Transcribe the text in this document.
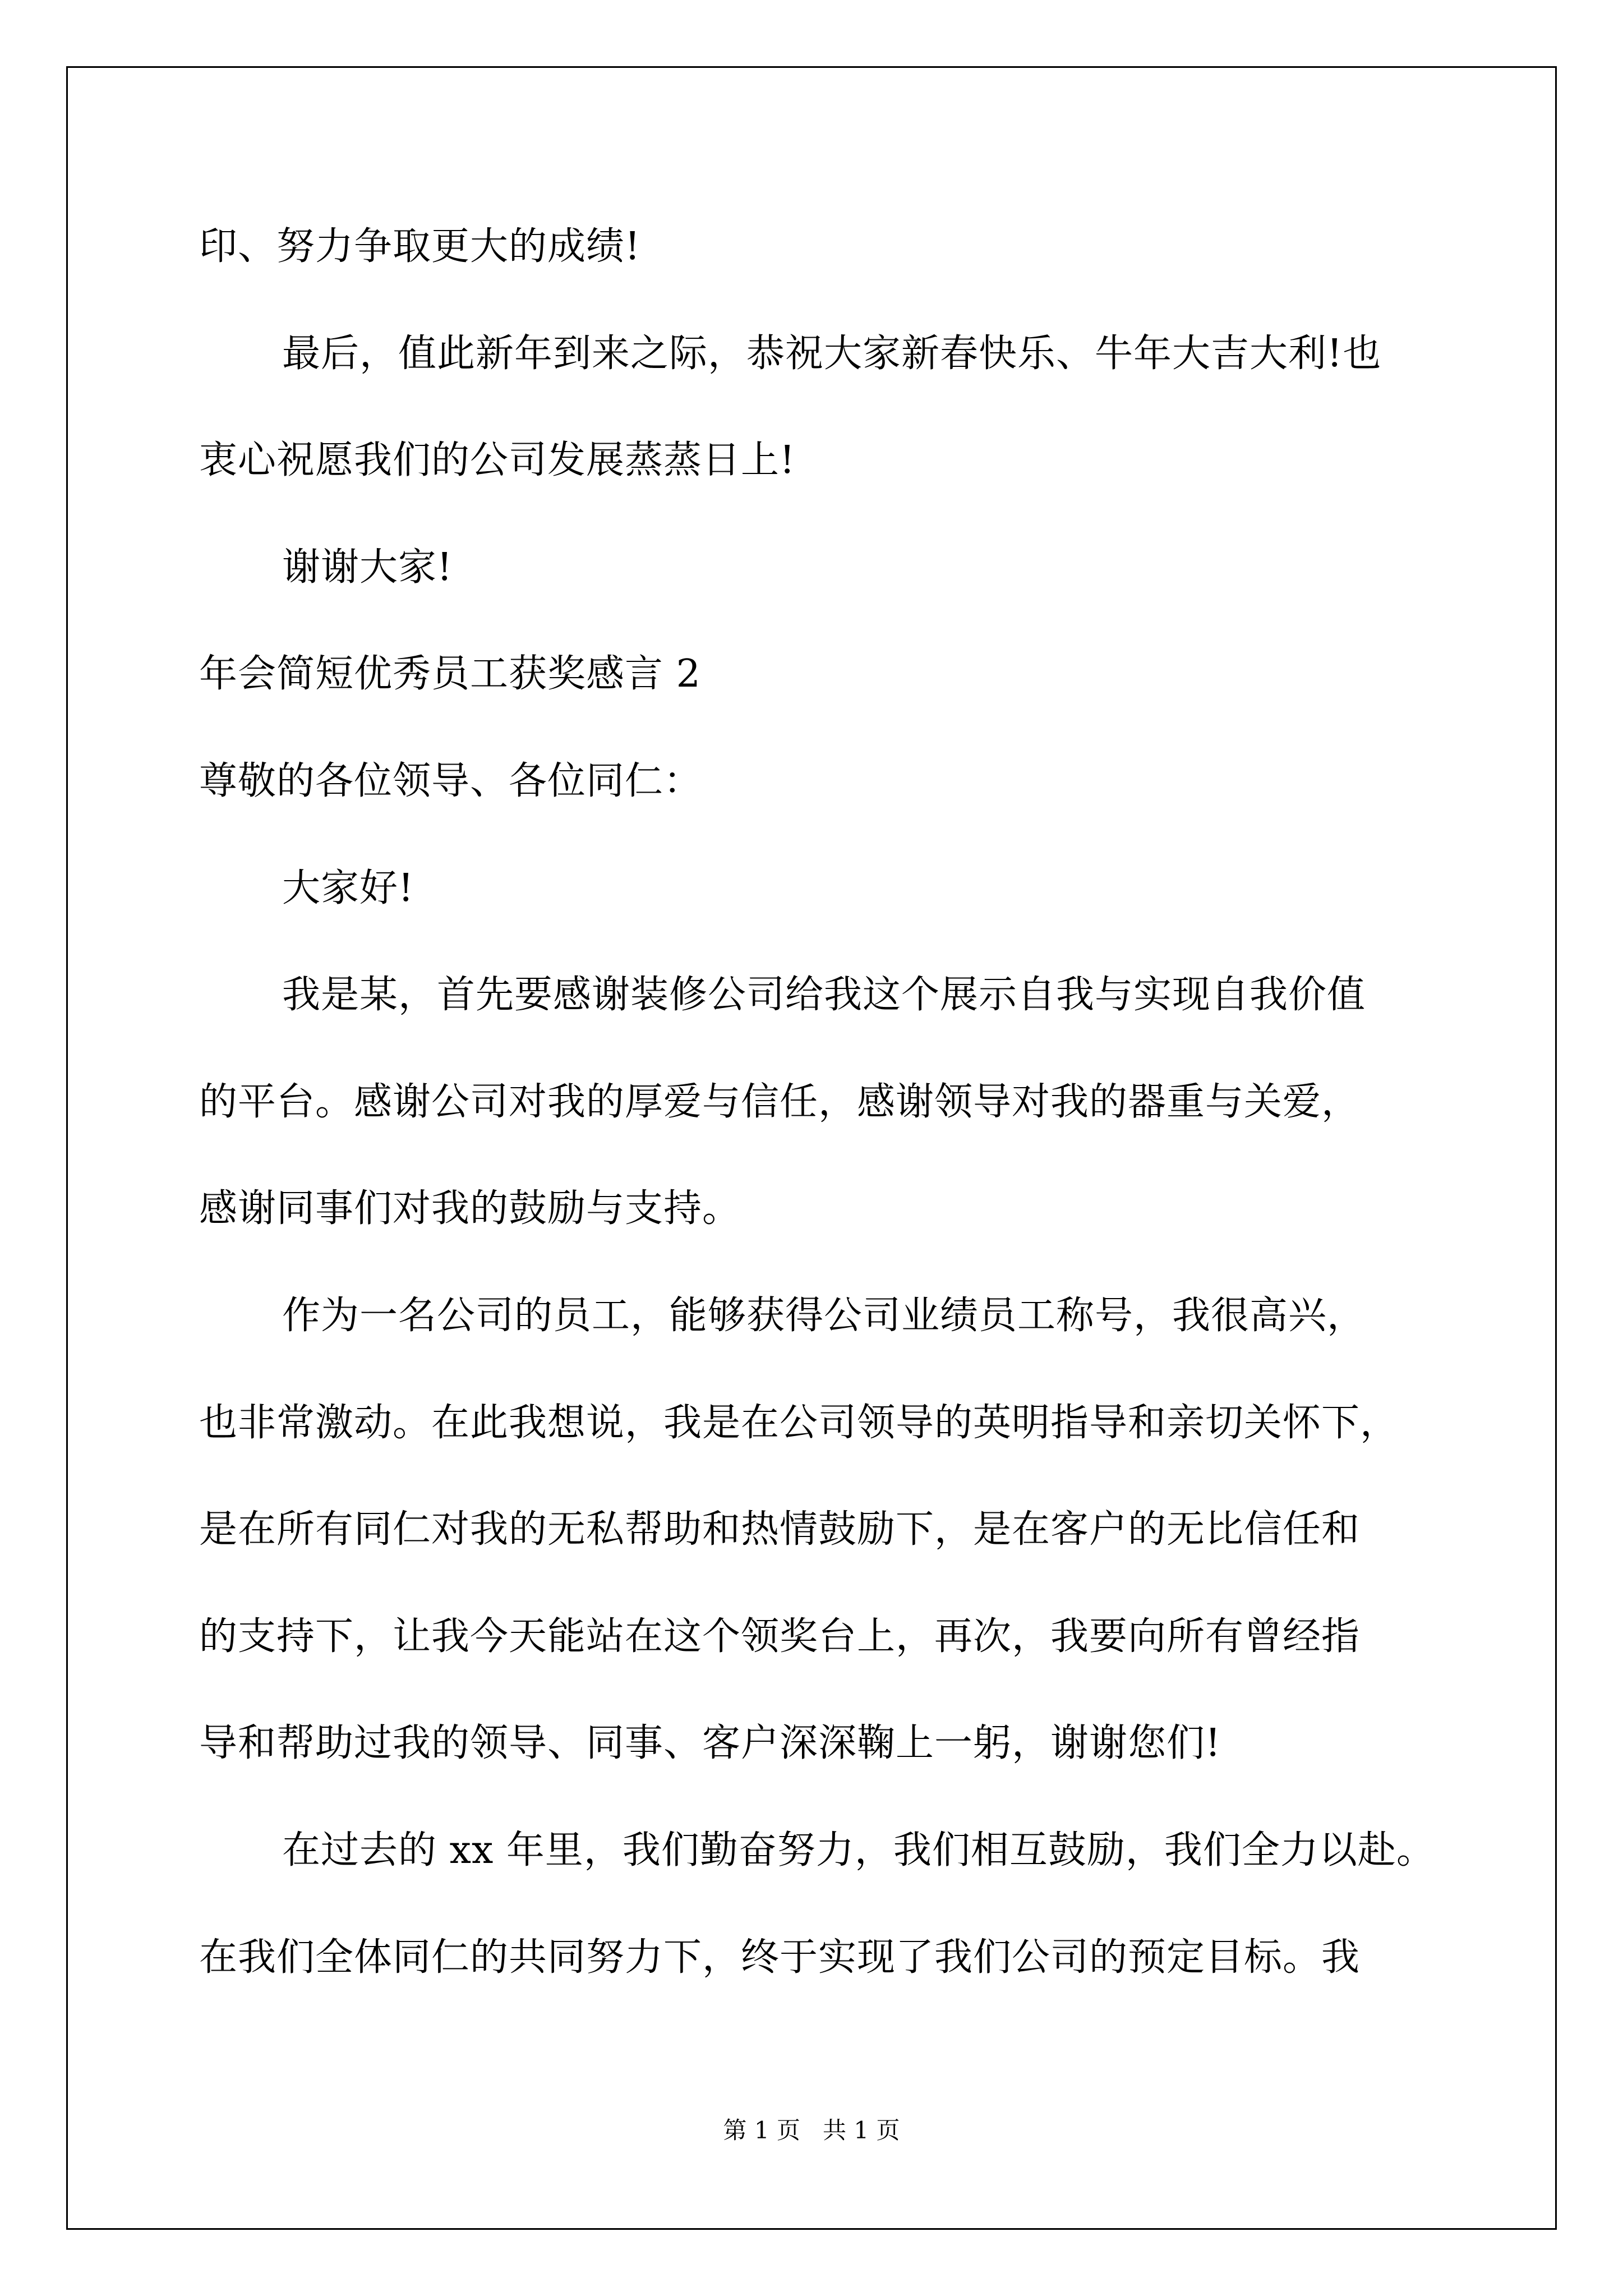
印、努力争取更大的成绩!
最后，值此新年到来之际，恭祝大家新春快乐、牛年大吉大利!也
衷心祝愿我们的公司发展蒸蒸日上!
谢谢大家!
年会简短优秀员工获奖感言 2
尊敬的各位领导、各位同仁：
大家好!
我是某，首先要感谢装修公司给我这个展示自我与实现自我价值
的平台。感谢公司对我的厚爱与信任，感谢领导对我的器重与关爱，
感谢同事们对我的鼓励与支持。
作为一名公司的员工，能够获得公司业绩员工称号，我很高兴，
也非常激动。在此我想说，我是在公司领导的英明指导和亲切关怀下，
是在所有同仁对我的无私帮助和热情鼓励下，是在客户的无比信任和
的支持下，让我今天能站在这个领奖台上，再次，我要向所有曾经指
导和帮助过我的领导、同事、客户深深鞠上一躬，谢谢您们!
在过去的 xx 年里，我们勤奋努力，我们相互鼓励，我们全力以赴。
在我们全体同仁的共同努力下，终于实现了我们公司的预定目标。我
第 1 页   共 1 页
